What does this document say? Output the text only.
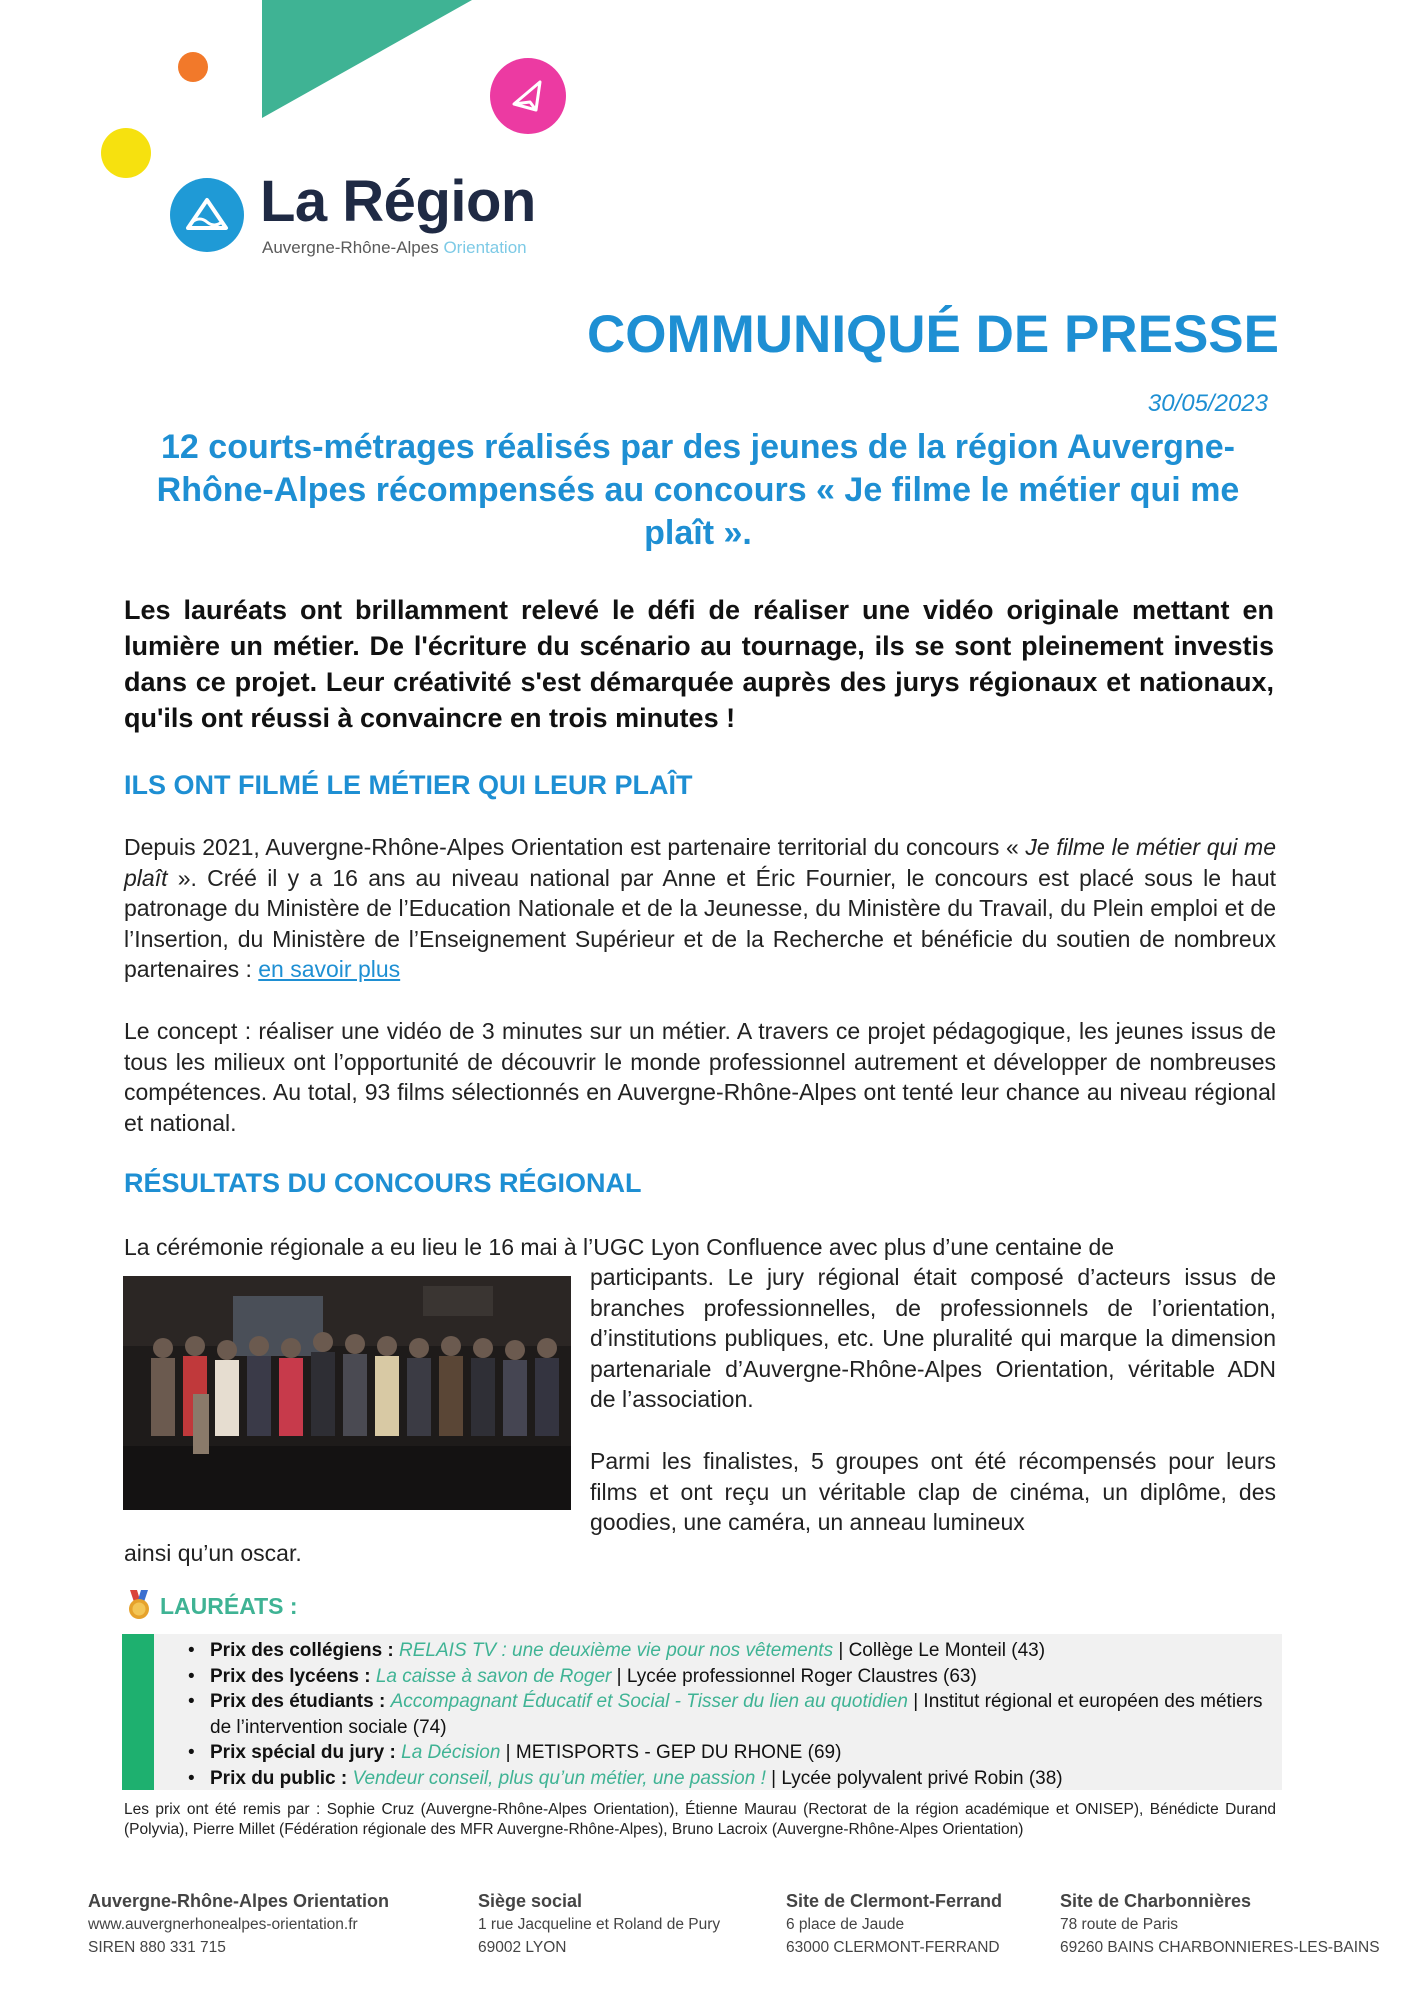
La Région
Auvergne-Rhône-Alpes Orientation
COMMUNIQUÉ DE PRESSE
30/05/2023
12 courts-métrages réalisés par des jeunes de la région Auvergne-Rhône-Alpes récompensés au concours « Je filme le métier qui me plaît ».
Les lauréats ont brillamment relevé le défi de réaliser une vidéo originale mettant en lumière un métier. De l'écriture du scénario au tournage, ils se sont pleinement investis dans ce projet. Leur créativité s'est démarquée auprès des jurys régionaux et nationaux, qu'ils ont réussi à convaincre en trois minutes !
ILS ONT FILMÉ LE MÉTIER QUI LEUR PLAÎT
Depuis 2021, Auvergne-Rhône-Alpes Orientation est partenaire territorial du concours « Je filme le métier qui me plaît ». Créé il y a 16 ans au niveau national par Anne et Éric Fournier, le concours est placé sous le haut patronage du Ministère de l’Education Nationale et de la Jeunesse, du Ministère du Travail, du Plein emploi et de l’Insertion, du Ministère de l’Enseignement Supérieur et de la Recherche et bénéficie du soutien de nombreux partenaires : en savoir plus
Le concept : réaliser une vidéo de 3 minutes sur un métier. A travers ce projet pédagogique, les jeunes issus de tous les milieux ont l’opportunité de découvrir le monde professionnel autrement et développer de nombreuses compétences. Au total, 93 films sélectionnés en Auvergne-Rhône-Alpes ont tenté leur chance au niveau régional et national.
RÉSULTATS DU CONCOURS RÉGIONAL
La cérémonie régionale a eu lieu le 16 mai à l’UGC Lyon Confluence avec plus d’une centaine de
participants. Le jury régional était composé d’acteurs issus de branches professionnelles, de professionnels de l’orientation, d’institutions publiques, etc. Une pluralité qui marque la dimension partenariale d’Auvergne-Rhône-Alpes Orientation, véritable ADN de l’association.
Parmi les finalistes, 5 groupes ont été récompensés pour leurs films et ont reçu un véritable clap de cinéma, un diplôme, des goodies, une caméra, un anneau lumineux
ainsi qu’un oscar.
LAURÉATS :
• Prix des collégiens : RELAIS TV : une deuxième vie pour nos vêtements | Collège Le Monteil (43)
• Prix des lycéens : La caisse à savon de Roger | Lycée professionnel Roger Claustres (63)
• Prix des étudiants : Accompagnant Éducatif et Social - Tisser du lien au quotidien | Institut régional et européen des métiers de l’intervention sociale (74)
• Prix spécial du jury : La Décision | METISPORTS - GEP DU RHONE (69)
• Prix du public : Vendeur conseil, plus qu’un métier, une passion ! | Lycée polyvalent privé Robin (38)
Les prix ont été remis par : Sophie Cruz (Auvergne-Rhône-Alpes Orientation), Étienne Maurau (Rectorat de la région académique et ONISEP), Bénédicte Durand (Polyvia), Pierre Millet (Fédération régionale des MFR Auvergne-Rhône-Alpes), Bruno Lacroix (Auvergne-Rhône-Alpes Orientation)
Auvergne-Rhône-Alpes Orientation
www.auvergnerhonealpes-orientation.fr
SIREN 880 331 715
Siège social
1 rue Jacqueline et Roland de Pury
69002 LYON
Site de Clermont-Ferrand
6 place de Jaude
63000 CLERMONT-FERRAND
Site de Charbonnières
78 route de Paris
69260 BAINS CHARBONNIERES-LES-BAINS
